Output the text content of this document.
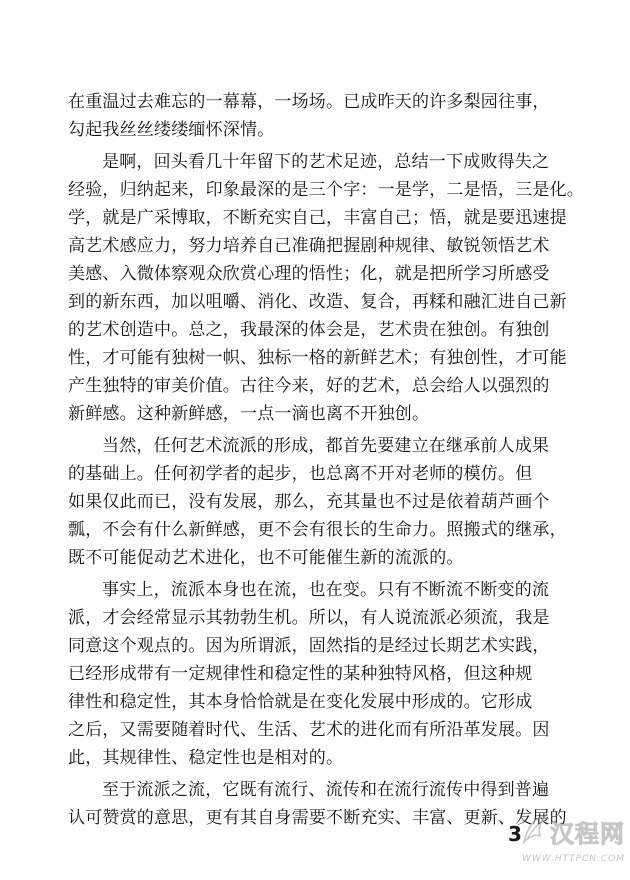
在重温过去难忘的一幕幕，一场场。已成昨天的许多梨园往事，
勾起我丝丝缕缕缅怀深情。
是啊，回头看几十年留下的艺术足迹，总结一下成败得失之
经验，归纳起来，印象最深的是三个字：一是学，二是悟，三是化。
学，就是广采博取，不断充实自己，丰富自己；悟，就是要迅速提
高艺术感应力，努力培养自己准确把握剧种规律、敏锐领悟艺术
美感、入微体察观众欣赏心理的悟性；化，就是把所学习所感受
到的新东西，加以咀嚼、消化、改造、复合，再糅和融汇进自己新
的艺术创造中。总之，我最深的体会是，艺术贵在独创。有独创
性，才可能有独树一帜、独标一格的新鲜艺术；有独创性，才可能
产生独特的审美价值。古往今来，好的艺术，总会给人以强烈的
新鲜感。这种新鲜感，一点一滴也离不开独创。
当然，任何艺术流派的形成，都首先要建立在继承前人成果
的基础上。任何初学者的起步，也总离不开对老师的模仿。但
如果仅此而已，没有发展，那么，充其量也不过是依着葫芦画个
瓢，不会有什么新鲜感，更不会有很长的生命力。照搬式的继承，
既不可能促动艺术进化，也不可能催生新的流派的。
事实上，流派本身也在流，也在变。只有不断流不断变的流
派，才会经常显示其勃勃生机。所以，有人说流派必须流，我是
同意这个观点的。因为所谓派，固然指的是经过长期艺术实践，
已经形成带有一定规律性和稳定性的某种独特风格，但这种规
律性和稳定性，其本身恰恰就是在变化发展中形成的。它形成
之后，又需要随着时代、生活、艺术的进化而有所沿革发展。因
此，其规律性、稳定性也是相对的。
至于流派之流，它既有流行、流传和在流行流传中得到普遍
认可赞赏的意思，更有其自身需要不断充实、丰富、更新、发展的
3 汉程网
WWW.HTTPCN.COM
